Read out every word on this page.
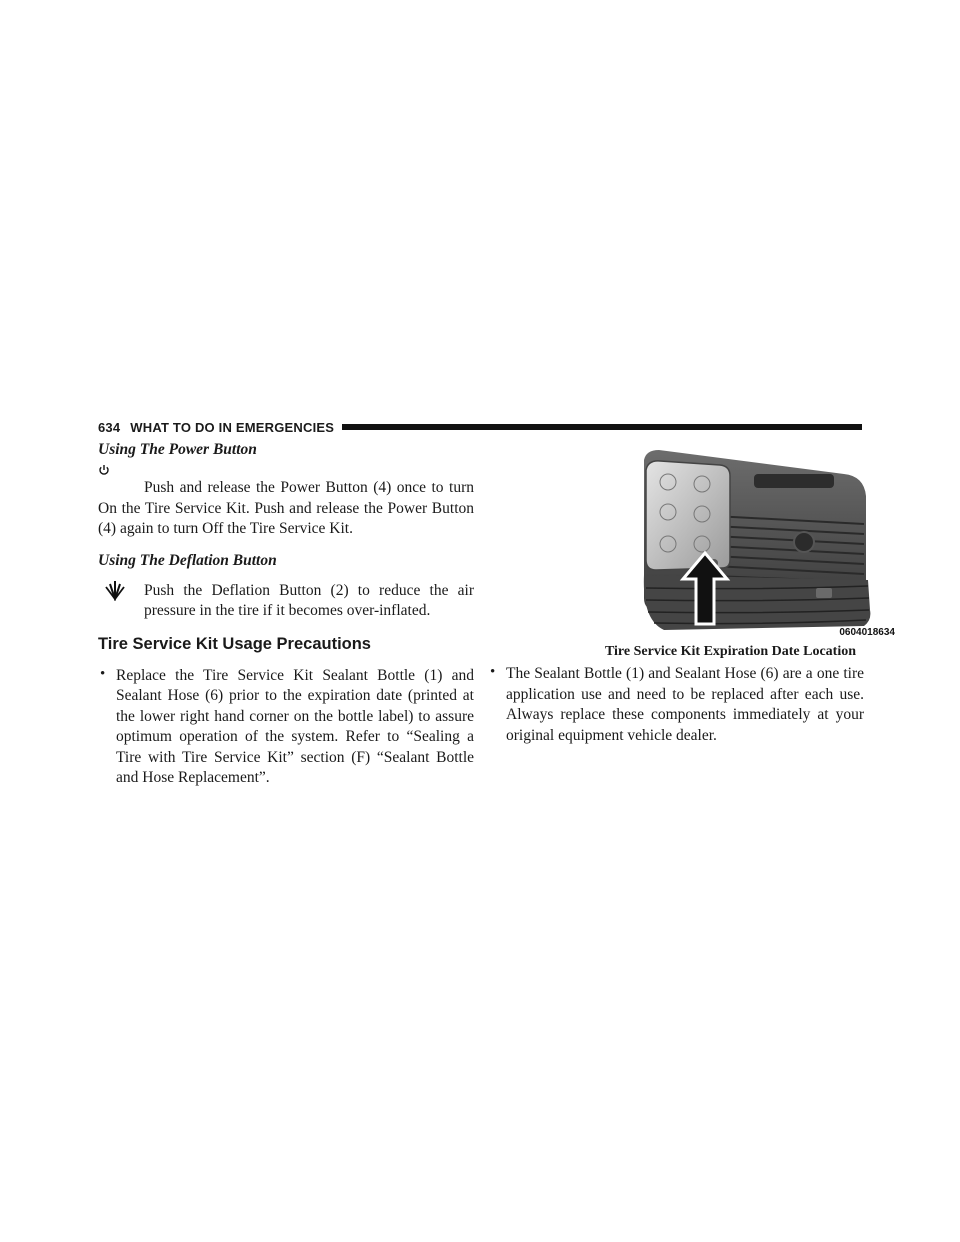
634 WHAT TO DO IN EMERGENCIES

Using The Power Button

Push and release the Power Button (4) once to turn On the Tire Service Kit. Push and release the Power Button (4) again to turn Off the Tire Service Kit.

Using The Deflation Button

Push the Deflation Button (2) to reduce the air pressure in the tire if it becomes over-inflated.

Tire Service Kit Usage Precautions
• Replace the Tire Service Kit Sealant Bottle (1) and Sealant Hose (6) prior to the expiration date (printed at the lower right hand corner on the bottle label) to assure optimum operation of the system. Refer to “Sealing a Tire with Tire Service Kit” section (F) “Sealant Bottle and Hose Replacement”.

0604018634

Tire Service Kit Expiration Date Location

• The Sealant Bottle (1) and Sealant Hose (6) are a one tire application use and need to be replaced after each use. Always replace these components immediately at your original equipment vehicle dealer.
